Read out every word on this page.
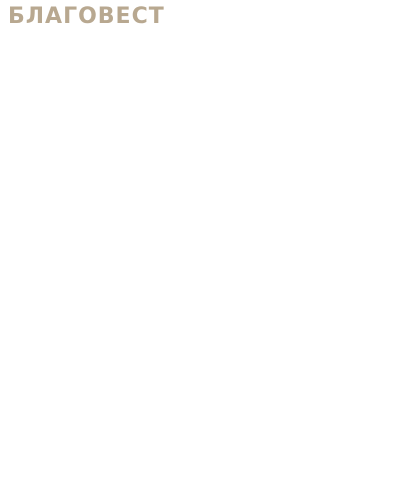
БЛАГОВЕСТ
